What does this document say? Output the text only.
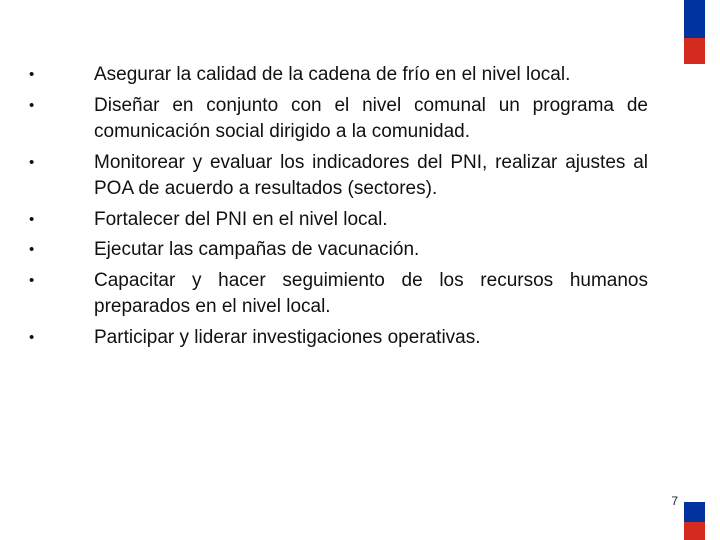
•	Asegurar la calidad de la cadena de frío en el nivel local.
•	Diseñar en conjunto con el nivel comunal un programa de comunicación social dirigido a la comunidad.
•	Monitorear y evaluar los indicadores del PNI, realizar ajustes al POA de acuerdo a resultados (sectores).
•	Fortalecer del PNI en el nivel local.
•	Ejecutar las campañas de vacunación.
•	Capacitar y hacer seguimiento de los recursos humanos preparados en el nivel local.
•	Participar y liderar investigaciones operativas.
7
